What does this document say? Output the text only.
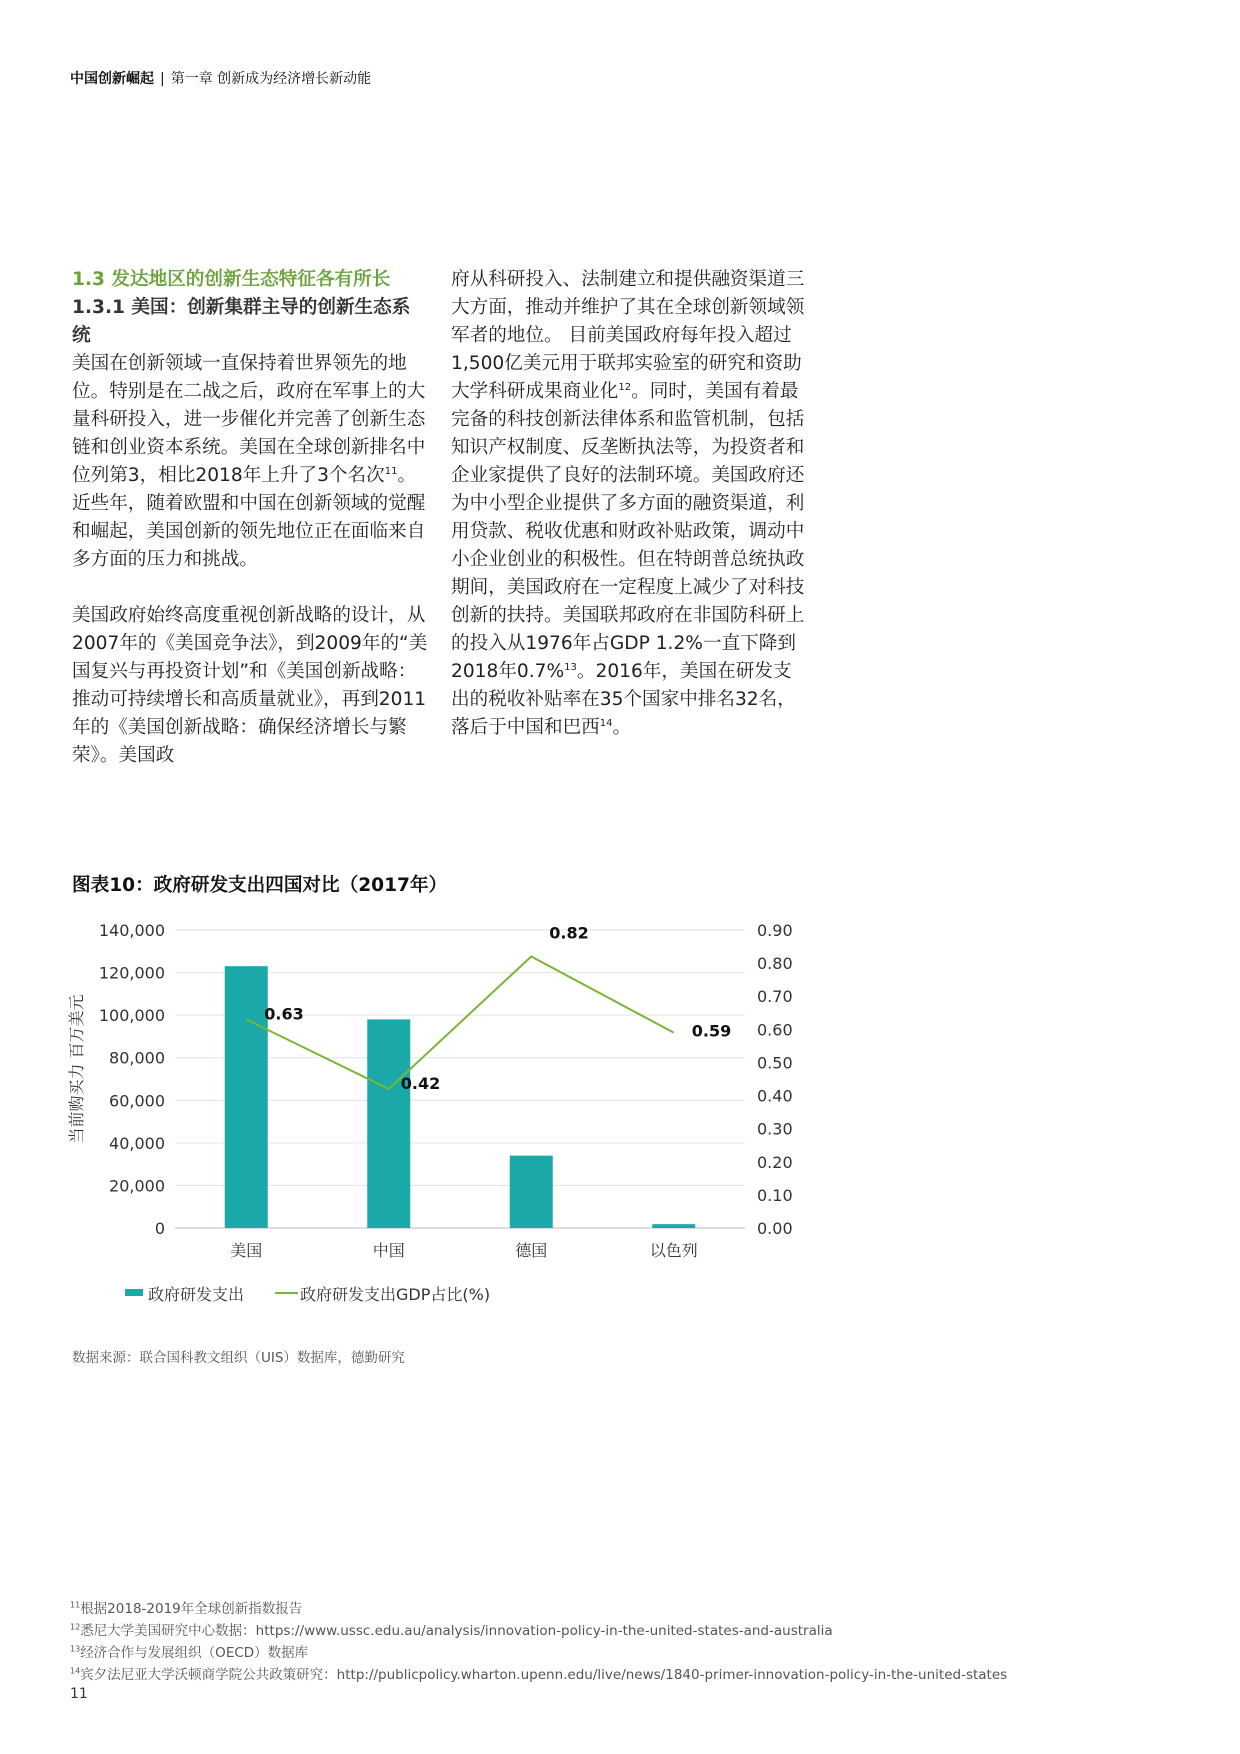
中国创新崛起 | 第一章 创新成为经济增长新动能
1.3 发达地区的创新生态特征各有所长
1.3.1 美国：创新集群主导的创新生态系统

美国在创新领域一直保持着世界领先的地位。特别是在二战之后，政府在军事上的大量科研投入，进一步催化并完善了创新生态链和创业资本系统。美国在全球创新排名中位列第3，相比2018年上升了3个名次$^{11}$。近些年，随着欧盟和中国在创新领域的觉醒和崛起，美国创新的领先地位正在面临来自多方面的压力和挑战。

美国政府始终高度重视创新战略的设计，从2007年的《美国竞争法》，到2009年的“美国复兴与再投资计划”和《美国创新战略：推动可持续增长和高质量就业》，再到2011年的《美国创新战略：确保经济增长与繁荣》。美国政

府从科研投入、法制建立和提供融资渠道三大方面，推动并维护了其在全球创新领域领军者的地位。 目前美国政府每年投入超过1,500亿美元用于联邦实验室的研究和资助大学科研成果商业化$^{12}$。同时，美国有着最完备的科技创新法律体系和监管机制，包括知识产权制度、反垄断执法等，为投资者和企业家提供了良好的法制环境。美国政府还为中小型企业提供了多方面的融资渠道，利用贷款、税收优惠和财政补贴政策，调动中小企业创业的积极性。但在特朗普总统执政期间，美国政府在一定程度上减少了对科技创新的扶持。美国联邦政府在非国防科研上的投入从1976年占GDP 1.2%一直下降到2018年0.7%$^{13}$。2016年，美国在研发支出的税收补贴率在35个国家中排名32名，落后于中国和巴西$^{14}$。

图表10：政府研发支出四国对比（2017年）
0
20,000
40,000
60,000
80,000
100,000
120,000
140,000
0.00
0.10
0.20
0.30
0.40
0.50
0.60
0.70
0.80
0.90
当前购买力 百万美元
美国	中国	德国	以色列
0.63
0.42
0.82
0.59
政府研发支出	政府研发支出GDP占比(%)
数据来源：联合国科教文组织（UIS）数据库，德勤研究
$^{11}$根据2018-2019年全球创新指数报告
$^{12}$悉尼大学美国研究中心数据：https://www.ussc.edu.au/analysis/innovation-policy-in-the-united-states-and-australia
$^{13}$经济合作与发展组织（OECD）数据库
$^{14}$宾夕法尼亚大学沃顿商学院公共政策研究：http://publicpolicy.wharton.upenn.edu/live/news/1840-primer-innovation-policy-in-the-united-states
11
